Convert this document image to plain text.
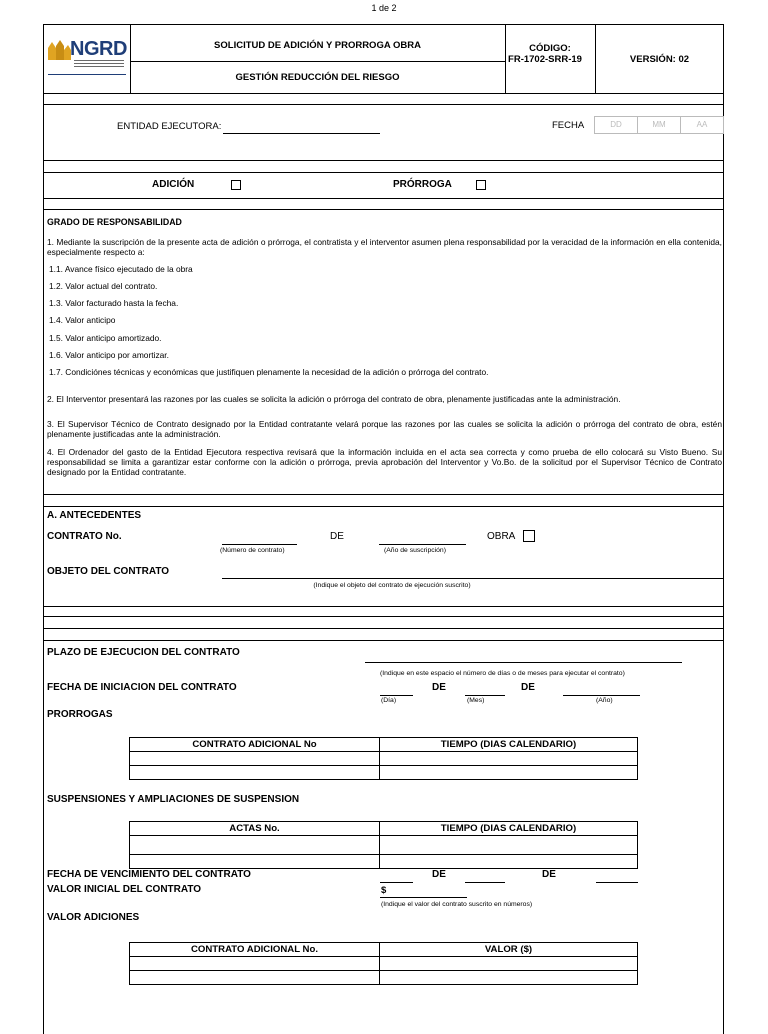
1 de 2
NGRD	SOLICITUD DE ADICIÓN Y PRORROGA OBRA
GESTIÓN REDUCCIÓN DEL RIESGO
CÓDIGO:
FR-1702-SRR-19	VERSIÓN: 02
ENTIDAD EJECUTORA:	FECHA	DD	MM	AA
ADICIÓN	PRÓRROGA
GRADO DE RESPONSABILIDAD
1. Mediante la suscripción de la presente acta de adición o prórroga, el contratista y el interventor asumen plena responsabilidad por la veracidad de la información en ella contenida, especialmente respecto a:
1.1. Avance físico ejecutado de la obra
1.2. Valor actual del contrato.
1.3. Valor facturado hasta la fecha.
1.4. Valor anticipo
1.5. Valor anticipo amortizado.
1.6. Valor anticipo por amortizar.
1.7. Condiciónes técnicas y económicas que justifiquen plenamente la necesidad de la adición o prórroga del contrato.
2. El Interventor presentará las razones por las cuales se solicita la adición o prórroga del contrato de obra, plenamente justificadas ante la administración.
3. El Supervisor Técnico de Contrato designado por la Entidad contratante velará porque las razones por las cuales se solicita la adición o prórroga del contrato de obra, estén plenamente justificadas ante la administración.
4. El Ordenador del gasto de la Entidad Ejecutora respectiva revisará que la información incluida en el acta sea correcta y como prueba de ello colocará su Visto Bueno. Su responsabilidad se limita a garantizar estar conforme con la adición o prórroga, previa aprobación del Interventor y Vo.Bo. de la solicitud por el Supervisor Técnico de Contrato designado por la Entidad contratante.
A. ANTECEDENTES
CONTRATO No.
(Número de contrato)
DE
(Año de suscripción)
OBRA
OBJETO DEL CONTRATO
(Indique el objeto del contrato de ejecución suscrito)
PLAZO DE EJECUCION DEL CONTRATO
(Indique en este espacio el número de días o de meses para ejecutar el contrato)
FECHA DE INICIACION DEL CONTRATO	DE	DE
(Día)	(Mes)	(Año)
PRORROGAS
CONTRATO ADICIONAL No	TIEMPO (DIAS CALENDARIO)

SUSPENSIONES Y AMPLIACIONES DE SUSPENSION
ACTAS No.	TIEMPO (DIAS CALENDARIO)

FECHA DE VENCIMIENTO DEL CONTRATO	DE	DE
VALOR INICIAL DEL CONTRATO	$
(Indique el valor del contrato suscrito en números)
VALOR ADICIONES
CONTRATO ADICIONAL No.	VALOR ($)
